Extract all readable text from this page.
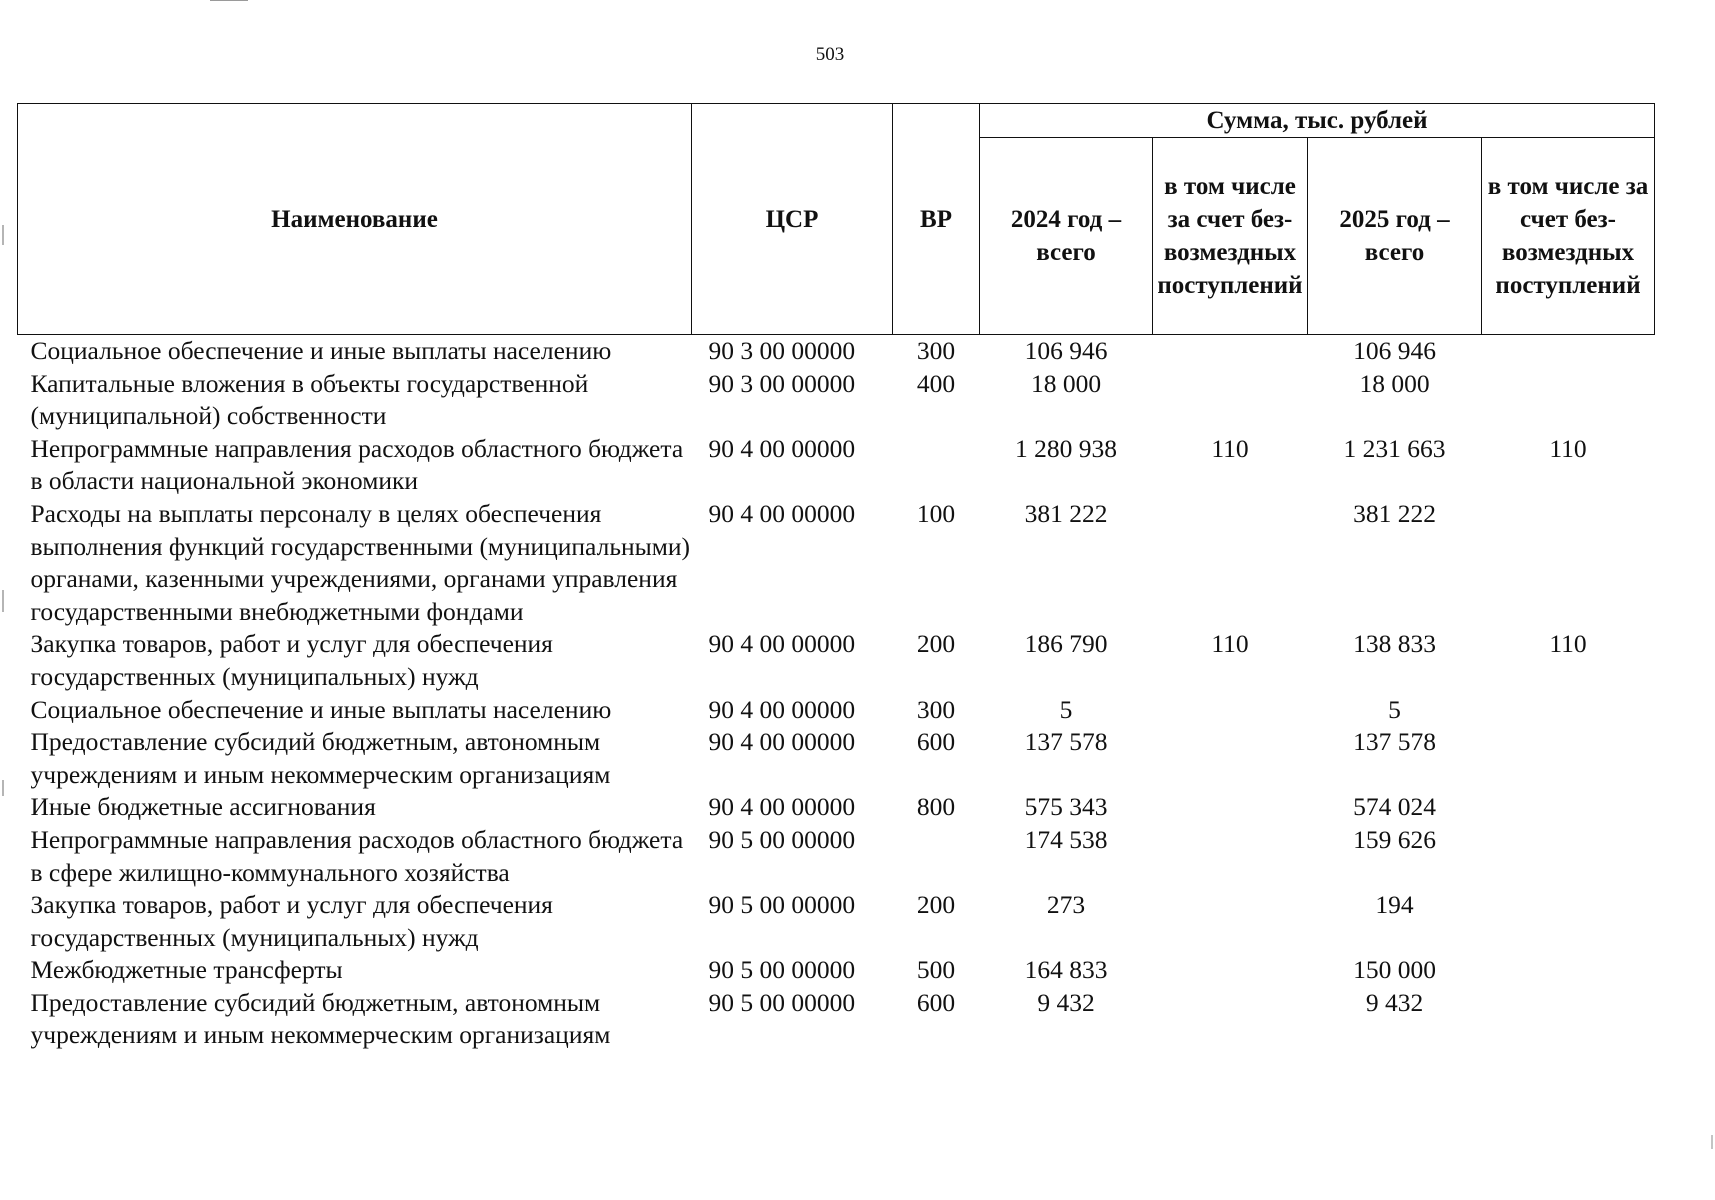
503
Наименование	ЦСР	ВР	Сумма, тыс. рублей			
			2024 год – всего	в том числе за счет безвозмездных поступлений	2025 год – всего	в том числе за счет безвозмездных поступлений
Социальное обеспечение и иные выплаты населению	90 3 00 00000	300	106 946		106 946	
Капитальные вложения в объекты государственной (муниципальной) собственности	90 3 00 00000	400	18 000		18 000	
Непрограммные направления расходов областного бюджета в области национальной экономики	90 4 00 00000		1 280 938	110	1 231 663	110
Расходы на выплаты персоналу в целях обеспечения выполнения функций государственными (муниципальными) органами, казенными учреждениями, органами управления государственными внебюджетными фондами	90 4 00 00000	100	381 222		381 222	
Закупка товаров, работ и услуг для обеспечения государственных (муниципальных) нужд	90 4 00 00000	200	186 790	110	138 833	110
Социальное обеспечение и иные выплаты населению	90 4 00 00000	300	5		5	
Предоставление субсидий бюджетным, автономным учреждениям и иным некоммерческим организациям	90 4 00 00000	600	137 578		137 578	
Иные бюджетные ассигнования	90 4 00 00000	800	575 343		574 024	
Непрограммные направления расходов областного бюджета в сфере жилищно-коммунального хозяйства	90 5 00 00000		174 538		159 626	
Закупка товаров, работ и услуг для обеспечения государственных (муниципальных) нужд	90 5 00 00000	200	273		194	
Межбюджетные трансферты	90 5 00 00000	500	164 833		150 000	
Предоставление субсидий бюджетным, автономным учреждениям и иным некоммерческим организациям	90 5 00 00000	600	9 432		9 432	
